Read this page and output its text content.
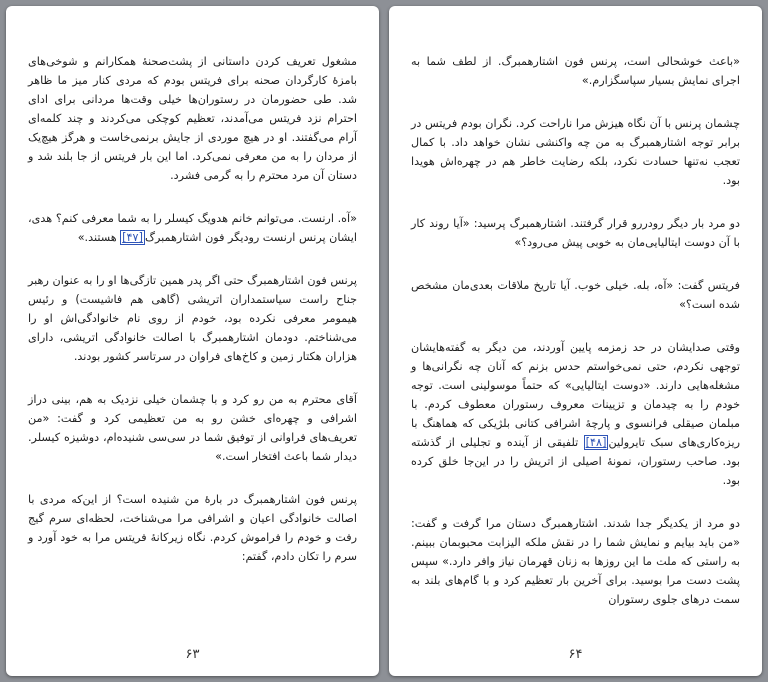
مشغول تعریف کردن داستانی از پشت‌صحنهٔ همکارانم و شوخی‌های بامزهٔ کارگردان صحنه برای فریتس بودم که مردی کنار میز ما ظاهر شد. طی حضورمان در رستوران‌ها خیلی وقت‌ها مردانی برای ادای احترام نزد فریتس می‌آمدند، تعظیم کوچکی می‌کردند و چند کلمه‌ای آرام می‌گفتند. او در هیچ موردی از جایش برنمی‌خاست و هرگز هیچ‌یک از مردان را به من معرفی نمی‌کرد. اما این بار فریتس از جا بلند شد و دستان آن مرد محترم را به گرمی فشرد.

«آه. ارنست. می‌توانم خانم هدویگ کیسلر را به شما معرفی کنم؟ هدی، ایشان پرنس ارنست رودیگر فون اشتارهمبرگ[۴۷] هستند.»

پرنس فون اشتارهمبرگ حتی اگر پدر همین تازگی‌ها او را به عنوان رهبر جناح راست سیاستمداران اتریشی (گاهی هم فاشیست) و رئیس هیمومر معرفی نکرده بود، خودم از روی نام خانوادگی‌اش او را می‌شناختم. دودمان اشتارهمبرگ با اصالت خانوادگی اتریشی، دارای هزاران هکتار زمین و کاخ‌های فراوان در سرتاسر کشور بودند.

آقای محترم به من رو کرد و با چشمان خیلی نزدیک به هم، بینی دراز اشرافی و چهره‌ای خشن رو به من تعظیمی کرد و گفت: «من تعریف‌های فراوانی از توفیق شما در سی‌سی شنیده‌ام، دوشیزه کیسلر. دیدار شما باعث افتخار است.»

پرنس فون اشتارهمبرگ در بارهٔ من شنیده است؟ از این‌که مردی با اصالت خانوادگی اعیان و اشرافی مرا می‌شناخت، لحظه‌ای سرم گیج رفت و خودم را فراموش کردم. نگاه زیرکانهٔ فریتس مرا به خود آورد و سرم را تکان دادم، گفتم:

۶۳

«باعث خوشحالی است، پرنس فون اشتارهمبرگ. از لطف شما به اجرای نمایش بسیار سپاسگزارم.»

چشمان پرنس با آن نگاه هیزش مرا ناراحت کرد. نگران بودم فریتس در برابر توجه اشتارهمبرگ به من چه واکنشی نشان خواهد داد. با کمال تعجب نه‌تنها حسادت نکرد، بلکه رضایت خاطر هم در چهره‌اش هویدا بود.

دو مرد بار دیگر رودررو قرار گرفتند. اشتارهمبرگ پرسید: «آیا روند کار با آن دوست ایتالیایی‌مان به خوبی پیش می‌رود؟»

فریتس گفت: «آه، بله. خیلی خوب. آیا تاریخ ملاقات بعدی‌مان مشخص شده است؟»

وقتی صدایشان در حد زمزمه پایین آوردند، من دیگر به گفته‌هایشان توجهی نکردم، حتی نمی‌خواستم حدس بزنم که آنان چه نگرانی‌ها و مشغله‌هایی دارند. «دوست ایتالیایی» که حتماً موسولینی است. توجه خودم را به چیدمان و تزیینات معروف رستوران معطوف کردم. با مبلمان صیقلی فرانسوی و پارچهٔ اشرافی کتانی بلژیکی که هماهنگ با ریزه‌کاری‌های سبک تایرولین[۴۸] تلفیقی از آینده و تجلیلی از گذشته بود. صاحب رستوران، نمونهٔ اصیلی از اتریش را در این‌جا خلق کرده بود.

دو مرد از یکدیگر جدا شدند. اشتارهمبرگ دستان مرا گرفت و گفت: «من باید بیایم و نمایش شما را در نقش ملکه الیزابت محبوبمان ببینم. به راستی که ملت ما این روزها به زنان قهرمان نیاز وافر دارد.» سپس پشت دست مرا بوسید. برای آخرین بار تعظیم کرد و با گام‌های بلند به سمت درهای جلوی رستوران

۶۴
